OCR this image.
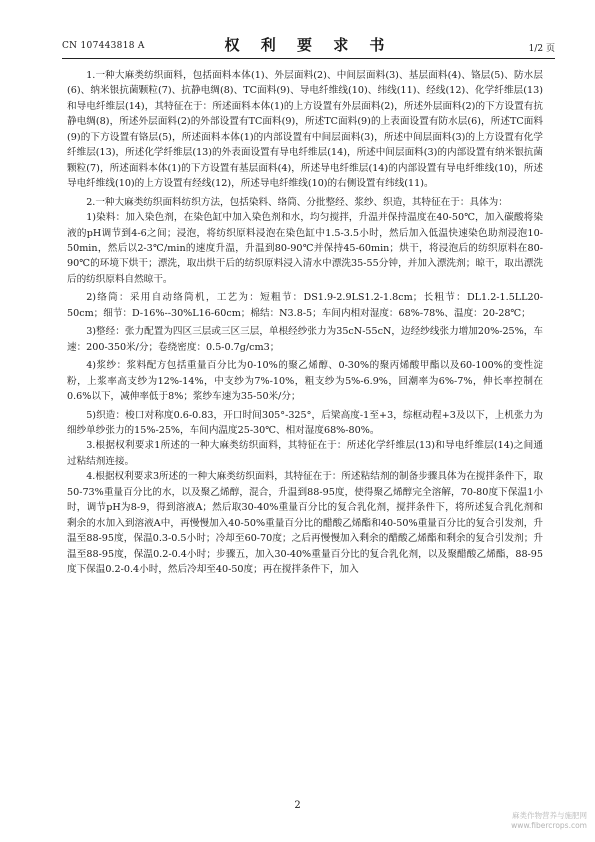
CN 107443818 A	权 利 要 求 书	1/2 页

1.一种大麻类纺织面料，包括面料本体(1)、外层面料(2)、中间层面料(3)、基层面料(4)、铬层(5)、防水层(6)、纳米银抗菌颗粒(7)、抗静电绸(8)、TC面料(9)、导电纤维线(10)、纬线(11)、经线(12)、化学纤维层(13)和导电纤维层(14)，其特征在于：所述面料本体(1)的上方设置有外层面料(2)，所述外层面料(2)的下方设置有抗静电绸(8)，所述外层面料(2)的外部设置有TC面料(9)，所述TC面料(9)的上表面设置有防水层(6)，所述TC面料(9)的下方设置有铬层(5)，所述面料本体(1)的内部设置有中间层面料(3)，所述中间层面料(3)的上方设置有化学纤维层(13)，所述化学纤维层(13)的外表面设置有导电纤维层(14)，所述中间层面料(3)的内部设置有纳米银抗菌颗粒(7)，所述面料本体(1)的下方设置有基层面料(4)，所述导电纤维层(14)的内部设置有导电纤维线(10)，所述导电纤维线(10)的上方设置有经线(12)，所述导电纤维线(10)的右侧设置有纬线(11)。

2.一种大麻类纺织面料纺织方法，包括染料、络筒、分批整经、浆纱、织造，其特征在于：具体为：

1)染料：加入染色剂，在染色缸中加入染色剂和水，均匀搅拌，升温并保持温度在40-50℃，加入碳酸将染液的pH调节到4-6之间；浸泡，将纺织原料浸泡在染色缸中1.5-3.5小时，然后加入低温快速染色助剂浸泡10-50min，然后以2-3℃/min的速度升温，升温到80-90℃并保持45-60min；烘干，将浸泡后的纺织原料在80-90℃的环境下烘干；漂洗，取出烘干后的纺织原料浸入清水中漂洗35-55分钟，并加入漂洗剂；晾干，取出漂洗后的纺织原料自然晾干。

2)络筒：采用自动络筒机，工艺为：短粗节：DS1.9-2.9LS1.2-1.8cm；长粗节：DL1.2-1.5LL20-50cm；细节：D-16%--30%L16-60cm；棉结：N3.8-5；车间内相对湿度：68%-78%、温度：20-28℃；

3)整经：张力配置为四区三层或三区三层，单根经纱张力为35cN-55cN，边经纱线张力增加20%-25%，车速：200-350米/分；卷绕密度：0.5-0.7g/cm3；

4)浆纱：浆料配方包括重量百分比为0-10%的聚乙烯醇、0-30%的聚丙烯酸甲酯以及60-100%的变性淀粉，上浆率高支纱为12%-14%，中支纱为7%-10%，粗支纱为5%-6.9%，回潮率为6%-7%，伸长率控制在0.6%以下，减伸率低于8%；浆纱车速为35-50米/分；

5)织造：梭口对称度0.6-0.83，开口时间305°-325°，后梁高度-1至+3，综框动程+3及以下，上机张力为细纱单纱张力的15%-25%，车间内温度25-30℃、相对湿度68%-80%。

3.根据权利要求1所述的一种大麻类纺织面料，其特征在于：所述化学纤维层(13)和导电纤维层(14)之间通过粘结剂连接。

4.根据权利要求3所述的一种大麻类纺织面料，其特征在于：所述粘结剂的制备步骤具体为在搅拌条件下，取50-73%重量百分比的水，以及聚乙烯醇，混合，升温到88-95度，使得聚乙烯醇完全溶解，70-80度下保温1小时，调节pH为8-9，得到溶液A；然后取30-40%重量百分比的复合乳化剂，搅拌条件下，将所述复合乳化剂和剩余的水加入到溶液A中，再慢慢加入40-50%重量百分比的醋酸乙烯酯和40-50%重量百分比的复合引发剂，升温至88-95度，保温0.3-0.5小时；冷却至60-70度；之后再慢慢加入剩余的醋酸乙烯酯和剩余的复合引发剂；升温至88-95度，保温0.2-0.4小时；步骤五，加入30-40%重量百分比的复合乳化剂，以及聚醋酸乙烯酯，88-95度下保温0.2-0.4小时，然后冷却至40-50度；再在搅拌条件下，加入

2
麻类作物营养与施肥网
www.fibercrops.com
